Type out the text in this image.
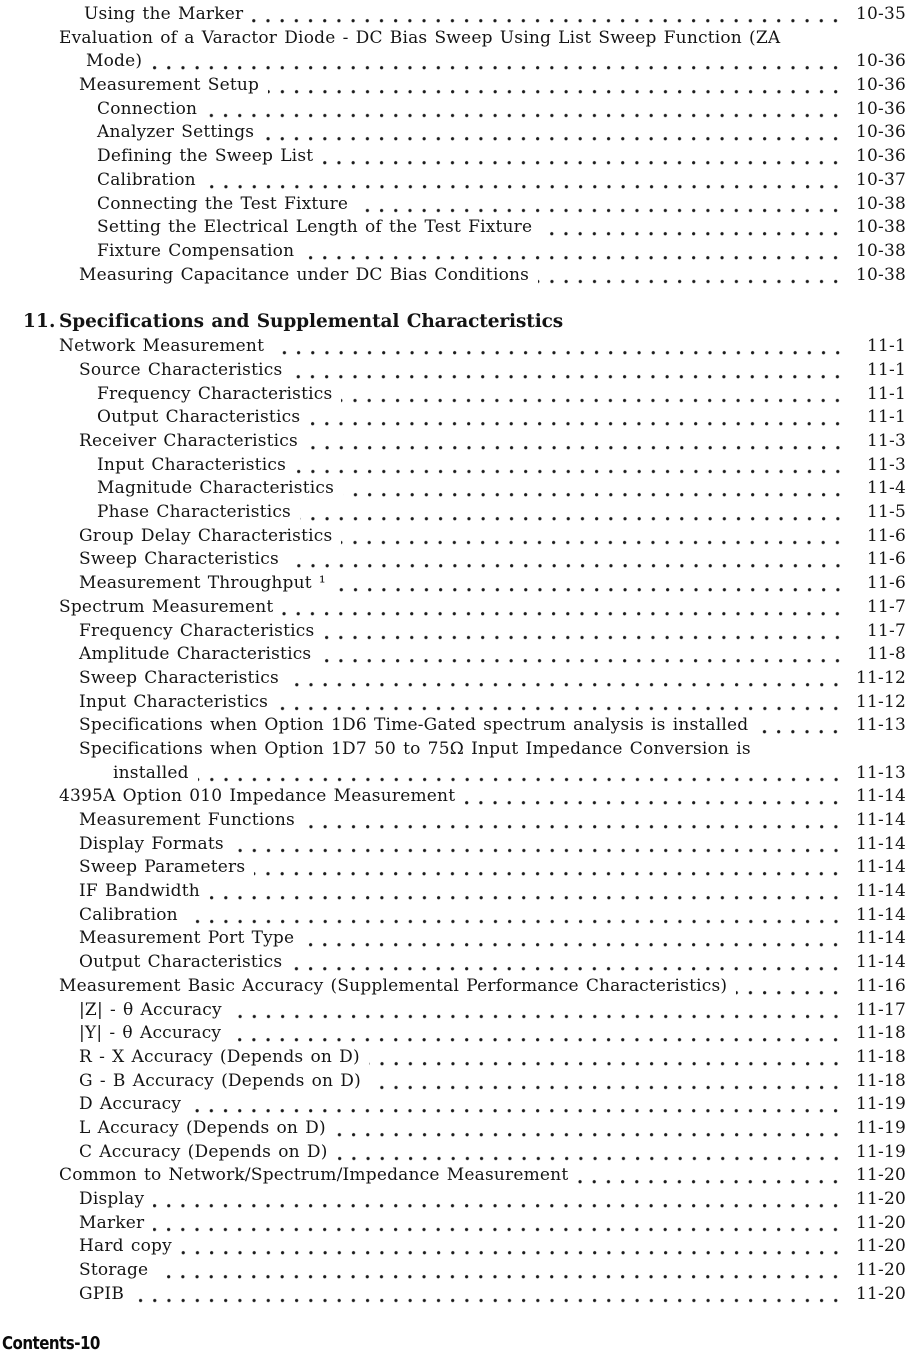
Using the Marker	10-35
Evaluation of a Varactor Diode - DC Bias Sweep Using List Sweep Function (ZA
Mode)	10-36
Measurement Setup	10-36
Connection	10-36
Analyzer Settings	10-36
Defining the Sweep List	10-36
Calibration	10-37
Connecting the Test Fixture	10-38
Setting the Electrical Length of the Test Fixture	10-38
Fixture Compensation	10-38
Measuring Capacitance under DC Bias Conditions	10-38
11. Specifications and Supplemental Characteristics
Network Measurement	11-1
Source Characteristics	11-1
Frequency Characteristics	11-1
Output Characteristics	11-1
Receiver Characteristics	11-3
Input Characteristics	11-3
Magnitude Characteristics	11-4
Phase Characteristics	11-5
Group Delay Characteristics	11-6
Sweep Characteristics	11-6
Measurement Throughput ¹	11-6
Spectrum Measurement	11-7
Frequency Characteristics	11-7
Amplitude Characteristics	11-8
Sweep Characteristics	11-12
Input Characteristics	11-12
Specifications when Option 1D6 Time-Gated spectrum analysis is installed	11-13
Specifications when Option 1D7 50 to 75Ω Input Impedance Conversion is
installed	11-13
4395A Option 010 Impedance Measurement	11-14
Measurement Functions	11-14
Display Formats	11-14
Sweep Parameters	11-14
IF Bandwidth	11-14
Calibration	11-14
Measurement Port Type	11-14
Output Characteristics	11-14
Measurement Basic Accuracy (Supplemental Performance Characteristics)	11-16
|Z| - θ Accuracy	11-17
|Y| - θ Accuracy	11-18
R - X Accuracy (Depends on D)	11-18
G - B Accuracy (Depends on D)	11-18
D Accuracy	11-19
L Accuracy (Depends on D)	11-19
C Accuracy (Depends on D)	11-19
Common to Network/Spectrum/Impedance Measurement	11-20
Display	11-20
Marker	11-20
Hard copy	11-20
Storage	11-20
GPIB	11-20
Contents-10
